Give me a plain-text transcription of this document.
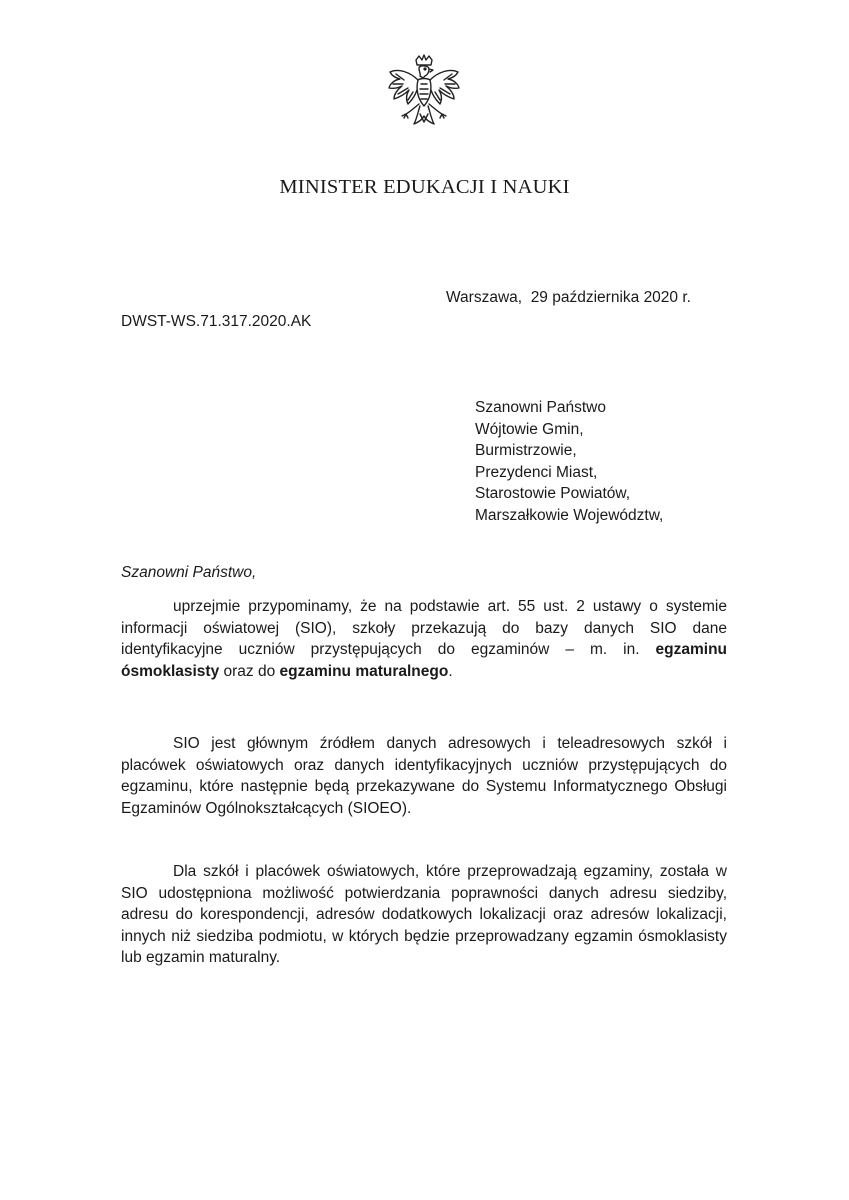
MINISTER EDUKACJI I NAUKI
Warszawa,  29 października 2020 r.
DWST-WS.71.317.2020.AK
Szanowni Państwo
Wójtowie Gmin,
Burmistrzowie,
Prezydenci Miast,
Starostowie Powiatów,
Marszałkowie Województw,
Szanowni Państwo,

uprzejmie przypominamy, że na podstawie art. 55 ust. 2 ustawy o systemie informacji oświatowej (SIO), szkoły przekazują do bazy danych SIO dane identyfikacyjne uczniów przystępujących do egzaminów – m. in. egzaminu ósmoklasisty oraz do egzaminu maturalnego.

SIO jest głównym źródłem danych adresowych i teleadresowych szkół i placówek oświatowych oraz danych identyfikacyjnych uczniów przystępujących do egzaminu, które następnie będą przekazywane do Systemu Informatycznego Obsługi Egzaminów Ogólnokształcących (SIOEO).

Dla szkół i placówek oświatowych, które przeprowadzają egzaminy, została w SIO udostępniona możliwość potwierdzania poprawności danych adresu siedziby, adresu do korespondencji, adresów dodatkowych lokalizacji oraz adresów lokalizacji, innych niż siedziba podmiotu, w których będzie przeprowadzany egzamin ósmoklasisty lub egzamin maturalny.
